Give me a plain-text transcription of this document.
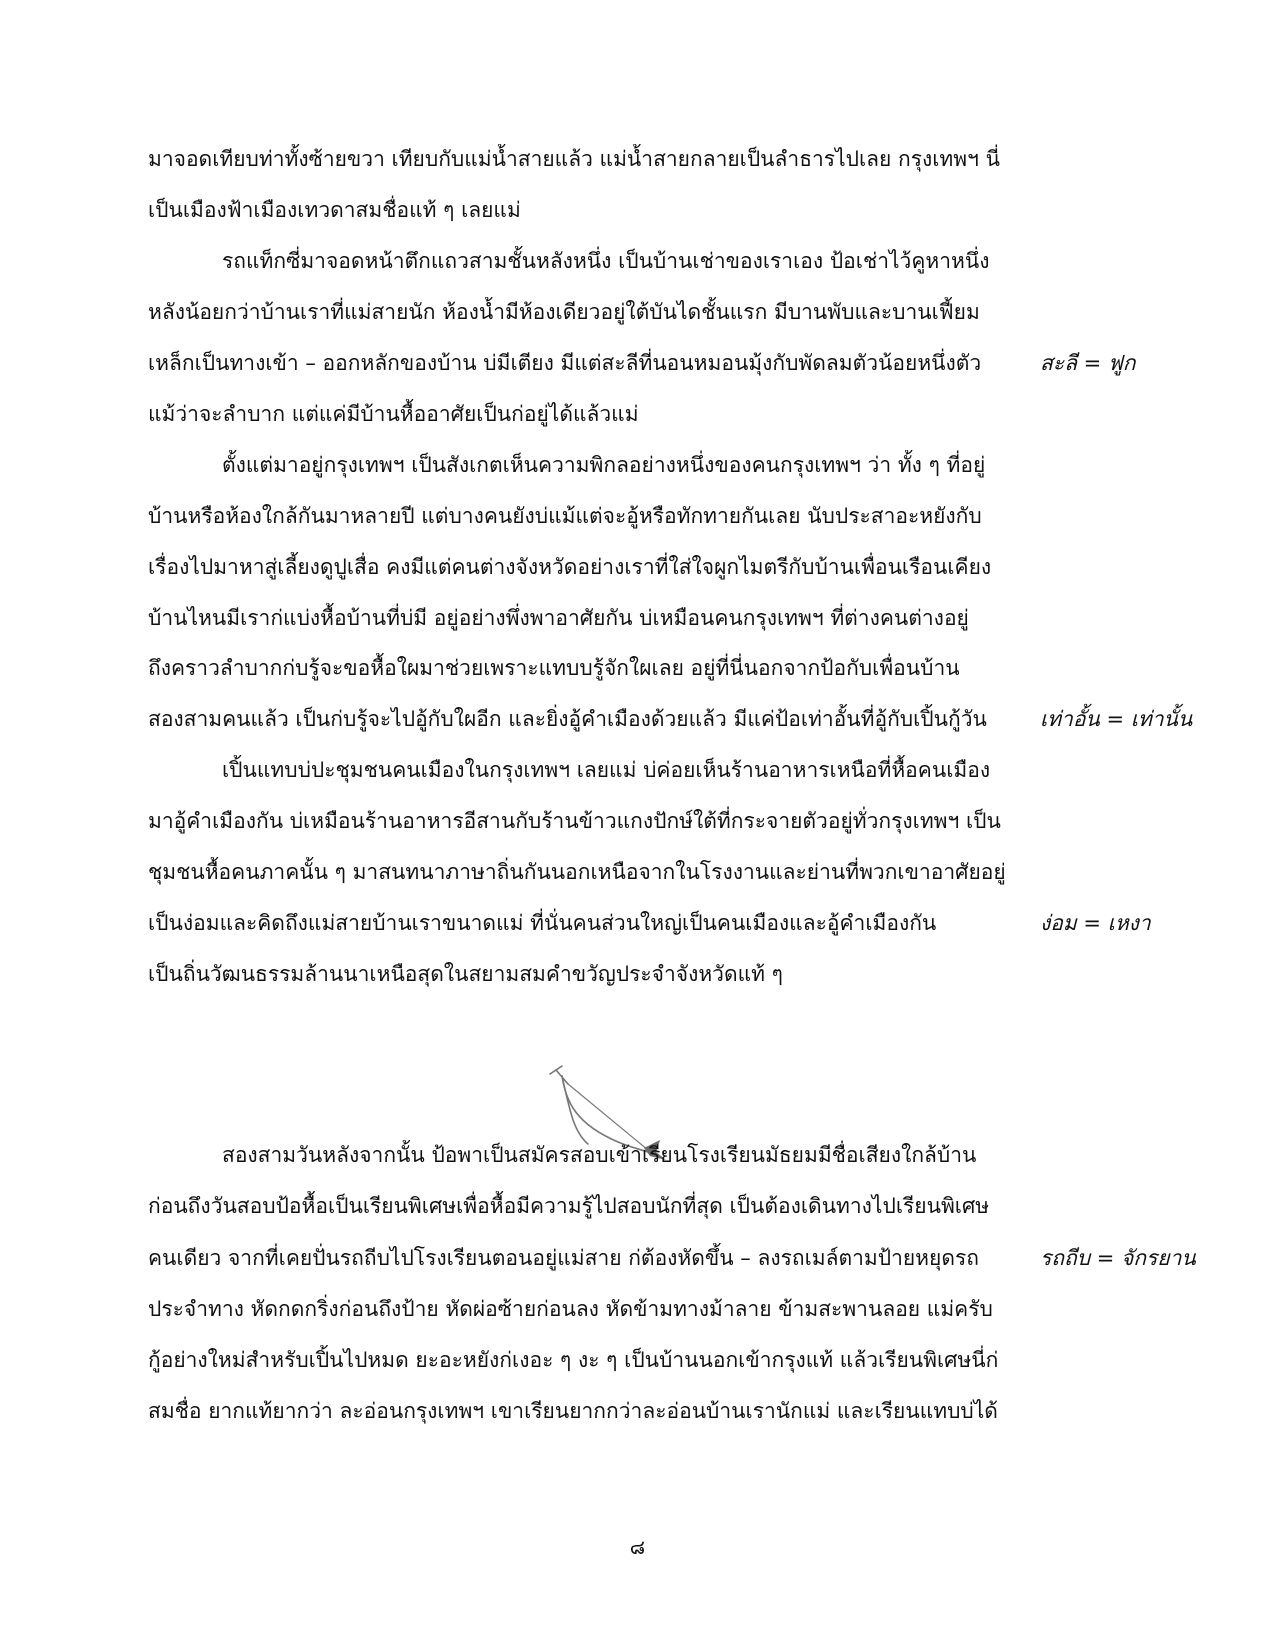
มาจอดเทียบท่าทั้งซ้ายขวา เทียบกับแม่น้ำสายแล้ว แม่น้ำสายกลายเป็นลำธารไปเลย กรุงเทพฯ นี่
เป็นเมืองฟ้าเมืองเทวดาสมชื่อแท้ ๆ เลยแม่
รถแท็กซี่มาจอดหน้าตึกแถวสามชั้นหลังหนึ่ง เป็นบ้านเช่าของเราเอง ป้อเช่าไว้คูหาหนึ่ง
หลังน้อยกว่าบ้านเราที่แม่สายนัก ห้องน้ำมีห้องเดียวอยู่ใต้บันไดชั้นแรก มีบานพับและบานเฟี้ยม
เหล็กเป็นทางเข้า – ออกหลักของบ้าน บ่มีเตียง มีแต่สะลีที่นอนหมอนมุ้งกับพัดลมตัวน้อยหนึ่งตัว
แม้ว่าจะลำบาก แต่แค่มีบ้านหื้ออาศัยเป็นก่อยู่ได้แล้วแม่
ตั้งแต่มาอยู่กรุงเทพฯ เป็นสังเกตเห็นความพิกลอย่างหนึ่งของคนกรุงเทพฯ ว่า ทั้ง ๆ ที่อยู่
บ้านหรือห้องใกล้กันมาหลายปี แต่บางคนยังบ่แม้แต่จะอู้หรือทักทายกันเลย นับประสาอะหยังกับ
เรื่องไปมาหาสู่เลี้ยงดูปูเสื่อ คงมีแต่คนต่างจังหวัดอย่างเราที่ใส่ใจผูกไมตรีกับบ้านเพื่อนเรือนเคียง
บ้านไหนมีเราก่แบ่งหื้อบ้านที่บ่มี อยู่อย่างพึ่งพาอาศัยกัน บ่เหมือนคนกรุงเทพฯ ที่ต่างคนต่างอยู่
ถึงคราวลำบากก่บรู้จะขอหื้อใผมาช่วยเพราะแทบบรู้จักใผเลย อยู่ที่นี่นอกจากป้อกับเพื่อนบ้าน
สองสามคนแล้ว เป็นก่บรู้จะไปอู้กับใผอีก และยิ่งอู้คำเมืองด้วยแล้ว มีแค่ป้อเท่าอั้นที่อู้กับเปิ้นกู้วัน
เปิ้นแทบบ่ปะชุมชนคนเมืองในกรุงเทพฯ เลยแม่ บ่ค่อยเห็นร้านอาหารเหนือที่หื้อคนเมือง
มาอู้คำเมืองกัน บ่เหมือนร้านอาหารอีสานกับร้านข้าวแกงปักษ์ใต้ที่กระจายตัวอยู่ทั่วกรุงเทพฯ เป็น
ชุมชนหื้อคนภาคนั้น ๆ มาสนทนาภาษาถิ่นกันนอกเหนือจากในโรงงานและย่านที่พวกเขาอาศัยอยู่
เป็นง่อมและคิดถึงแม่สายบ้านเราขนาดแม่ ที่นั่นคนส่วนใหญ่เป็นคนเมืองและอู้คำเมืองกัน
เป็นถิ่นวัฒนธรรมล้านนาเหนือสุดในสยามสมคำขวัญประจำจังหวัดแท้ ๆ
สะลี = ฟูก
เท่าอั้น = เท่านั้น
ง่อม = เหงา
รถถีบ = จักรยาน
สองสามวันหลังจากนั้น ป้อพาเป็นสมัครสอบเข้าเรียนโรงเรียนมัธยมมีชื่อเสียงใกล้บ้าน
ก่อนถึงวันสอบป้อหื้อเป็นเรียนพิเศษเพื่อหื้อมีความรู้ไปสอบนักที่สุด เป็นต้องเดินทางไปเรียนพิเศษ
คนเดียว จากที่เคยปั่นรถถีบไปโรงเรียนตอนอยู่แม่สาย ก่ต้องหัดขึ้น – ลงรถเมล์ตามป้ายหยุดรถ
ประจำทาง หัดกดกริ่งก่อนถึงป้าย หัดผ่อซ้ายก่อนลง หัดข้ามทางม้าลาย ข้ามสะพานลอย แม่ครับ
กู้อย่างใหม่สำหรับเปิ้นไปหมด ยะอะหยังก่เงอะ ๆ งะ ๆ เป็นบ้านนอกเข้ากรุงแท้ แล้วเรียนพิเศษนี่ก่
สมชื่อ ยากแท้ยากว่า ละอ่อนกรุงเทพฯ เขาเรียนยากกว่าละอ่อนบ้านเรานักแม่ และเรียนแทบบ่ได้
๘
